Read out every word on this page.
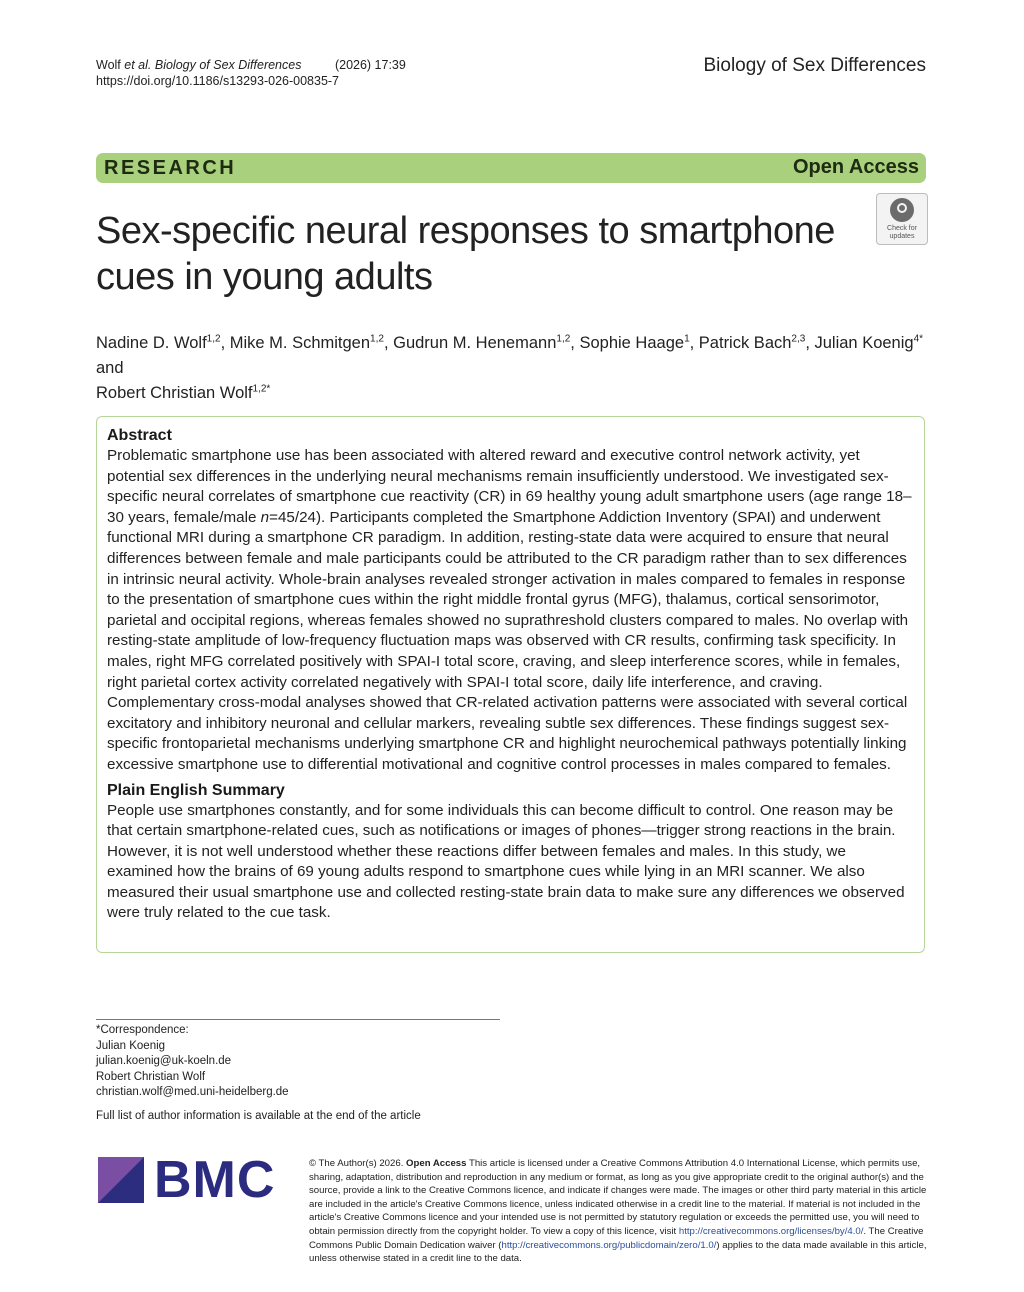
Wolf et al. Biology of Sex Differences	(2026) 17:39
https://doi.org/10.1186/s13293-026-00835-7
Biology of Sex Differences
RESEARCH	Open Access
Sex-specific neural responses to smartphone
cues in young adults
Check for
updates
Nadine D. Wolf$^{1,2}$, Mike M. Schmitgen$^{1,2}$, Gudrun M. Henemann$^{1,2}$, Sophie Haage$^1$, Patrick Bach$^{2,3}$, Julian Koenig$^{4*}$ and
Robert Christian Wolf$^{1,2*}$
Abstract

Problematic smartphone use has been associated with altered reward and executive control network activity, yet potential sex differences in the underlying neural mechanisms remain insufficiently understood. We investigated sex-specific neural correlates of smartphone cue reactivity (CR) in 69 healthy young adult smartphone users (age range 18–30 years, female/male n=45/24). Participants completed the Smartphone Addiction Inventory (SPAI) and underwent functional MRI during a smartphone CR paradigm. In addition, resting-state data were acquired to ensure that neural differences between female and male participants could be attributed to the CR paradigm rather than to sex differences in intrinsic neural activity. Whole-brain analyses revealed stronger activation in males compared to females in response to the presentation of smartphone cues within the right middle frontal gyrus (MFG), thalamus, cortical sensorimotor, parietal and occipital regions, whereas females showed no suprathreshold clusters compared to males. No overlap with resting-state amplitude of low-frequency fluctuation maps was observed with CR results, confirming task specificity. In males, right MFG correlated positively with SPAI-I total score, craving, and sleep interference scores, while in females, right parietal cortex activity correlated negatively with SPAI-I total score, daily life interference, and craving. Complementary cross-modal analyses showed that CR-related activation patterns were associated with several cortical excitatory and inhibitory neuronal and cellular markers, revealing subtle sex differences. These findings suggest sex-specific frontoparietal mechanisms underlying smartphone CR and highlight neurochemical pathways potentially linking excessive smartphone use to differential motivational and cognitive control processes in males compared to females.

Plain English Summary

People use smartphones constantly, and for some individuals this can become difficult to control. One reason may be that certain smartphone-related cues, such as notifications or images of phones—trigger strong reactions in the brain. However, it is not well understood whether these reactions differ between females and males. In this study, we examined how the brains of 69 young adults respond to smartphone cues while lying in an MRI scanner. We also measured their usual smartphone use and collected resting-state brain data to make sure any differences we observed were truly related to the cue task.

*Correspondence:
Julian Koenig
julian.koenig@uk-koeln.de
Robert Christian Wolf
christian.wolf@med.uni-heidelberg.de
Full list of author information is available at the end of the article
BMC	© The Author(s) 2026. Open Access This article is licensed under a Creative Commons Attribution 4.0 International License, which permits use, sharing, adaptation, distribution and reproduction in any medium or format, as long as you give appropriate credit to the original author(s) and the source, provide a link to the Creative Commons licence, and indicate if changes were made. The images or other third party material in this article are included in the article's Creative Commons licence, unless indicated otherwise in a credit line to the material. If material is not included in the article's Creative Commons licence and your intended use is not permitted by statutory regulation or exceeds the permitted use, you will need to obtain permission directly from the copyright holder. To view a copy of this licence, visit http://creativecommons.org/licenses/by/4.0/. The Creative Commons Public Domain Dedication waiver (http://creativecommons.org/publicdomain/zero/1.0/) applies to the data made available in this article, unless otherwise stated in a credit line to the data.
